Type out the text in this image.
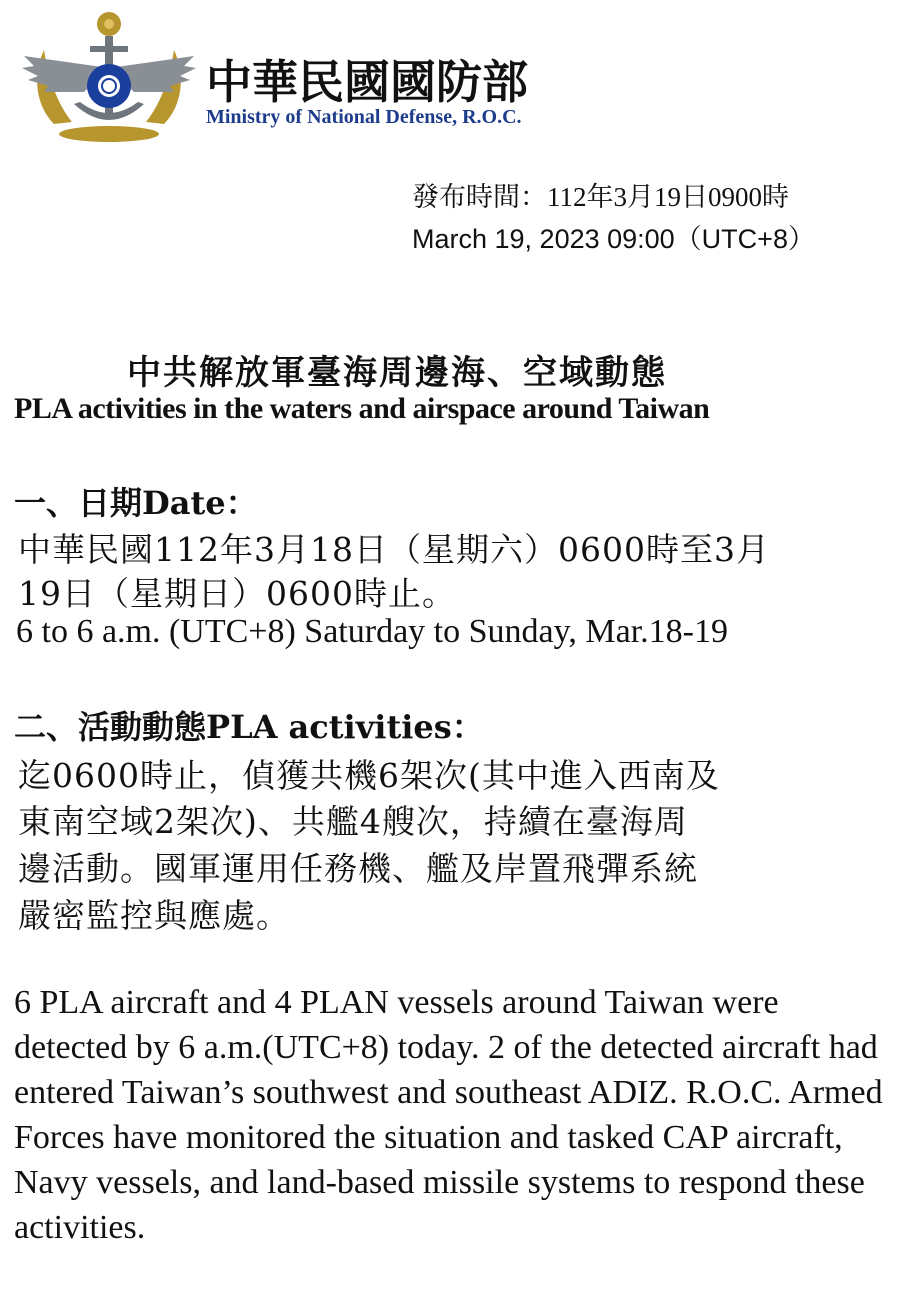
中華民國國防部
Ministry of National Defense, R.O.C.
發布時間：112年3月19日0900時
March 19, 2023 09:00（UTC+8）
中共解放軍臺海周邊海、空域動態
PLA activities in the waters and airspace around Taiwan
一、日期Date：
中華民國112年3月18日（星期六）0600時至3月
19日（星期日）0600時止。
6 to 6 a.m. (UTC+8) Saturday to Sunday, Mar.18-19
二、活動動態PLA activities：
迄0600時止，偵獲共機6架次(其中進入西南及
東南空域2架次)、共艦4艘次，持續在臺海周
邊活動。國軍運用任務機、艦及岸置飛彈系統
嚴密監控與應處。
6 PLA aircraft and 4 PLAN vessels around Taiwan were detected by 6 a.m.(UTC+8) today. 2 of the detected aircraft had entered Taiwan’s southwest and southeast ADIZ. R.O.C. Armed Forces have monitored the situation and tasked CAP aircraft, Navy vessels, and land-based missile systems to respond these activities.
